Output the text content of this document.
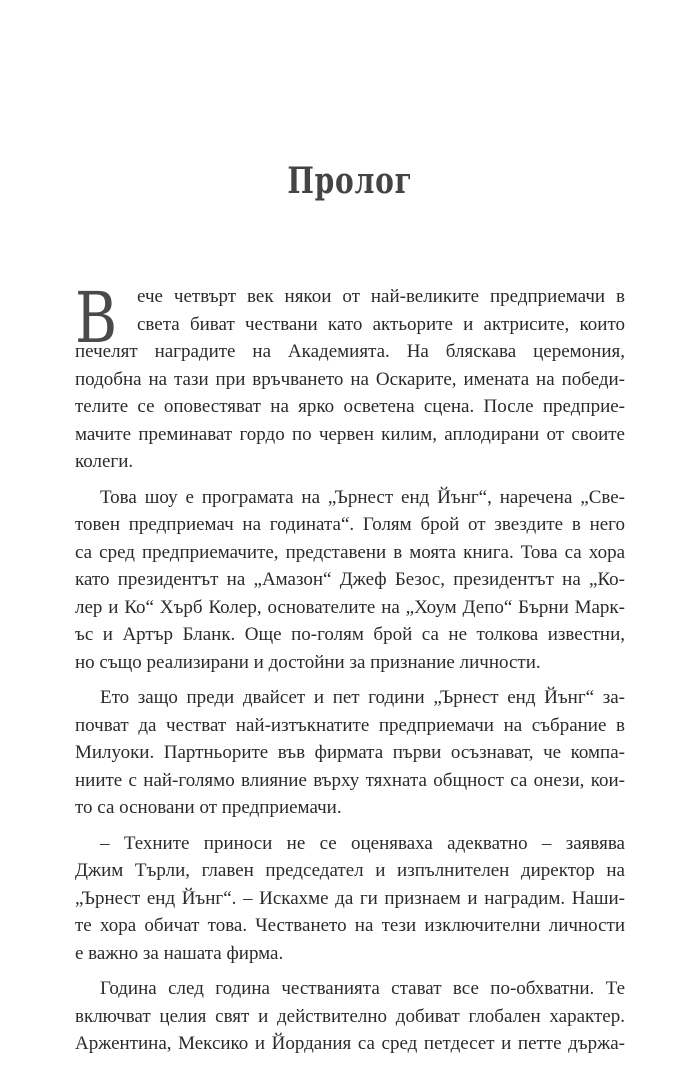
Пролог
В	ече четвърт век някои от най-великите предприемачи в
света биват чествани като актьорите и актрисите, които
печелят наградите на Академията. На бляскава церемония,
подобна на тази при връчването на Оскарите, имената на победи-
телите се оповестяват на ярко осветена сцена. После предприе-
мачите преминават гордо по червен килим, аплодирани от своите
колеги.
Това шоу е програмата на „Ърнест енд Йънг“, наречена „Све-
товен предприемач на годината“. Голям брой от звездите в него
са сред предприемачите, представени в моята книга. Това са хора
като президентът на „Амазон“ Джеф Безос, президентът на „Ко-
лер и Ко“ Хърб Колер, основателите на „Хоум Депо“ Бърни Марк-
ъс и Артър Бланк. Още по-голям брой са не толкова известни,
но също реализирани и достойни за признание личности.
Ето защо преди двайсет и пет години „Ърнест енд Йънг“ за-
почват да честват най-изтъкнатите предприемачи на събрание в
Милуоки. Партньорите във фирмата първи осъзнават, че компа-
ниите с най-голямо влияние върху тяхната общност са онези, кои-
то са основани от предприемачи.
– Техните приноси не се оценяваха адекватно – заявява
Джим Търли, главен председател и изпълнителен директор на
„Ърнест енд Йънг“. – Искахме да ги признаем и наградим. Наши-
те хора обичат това. Честването на тези изключителни личности
е важно за нашата фирма.
Година след година честванията стават все по-обхватни. Те
включват целия свят и действително добиват глобален характер.
Аржентина, Мексико и Йордания са сред петдесет и петте държа-
